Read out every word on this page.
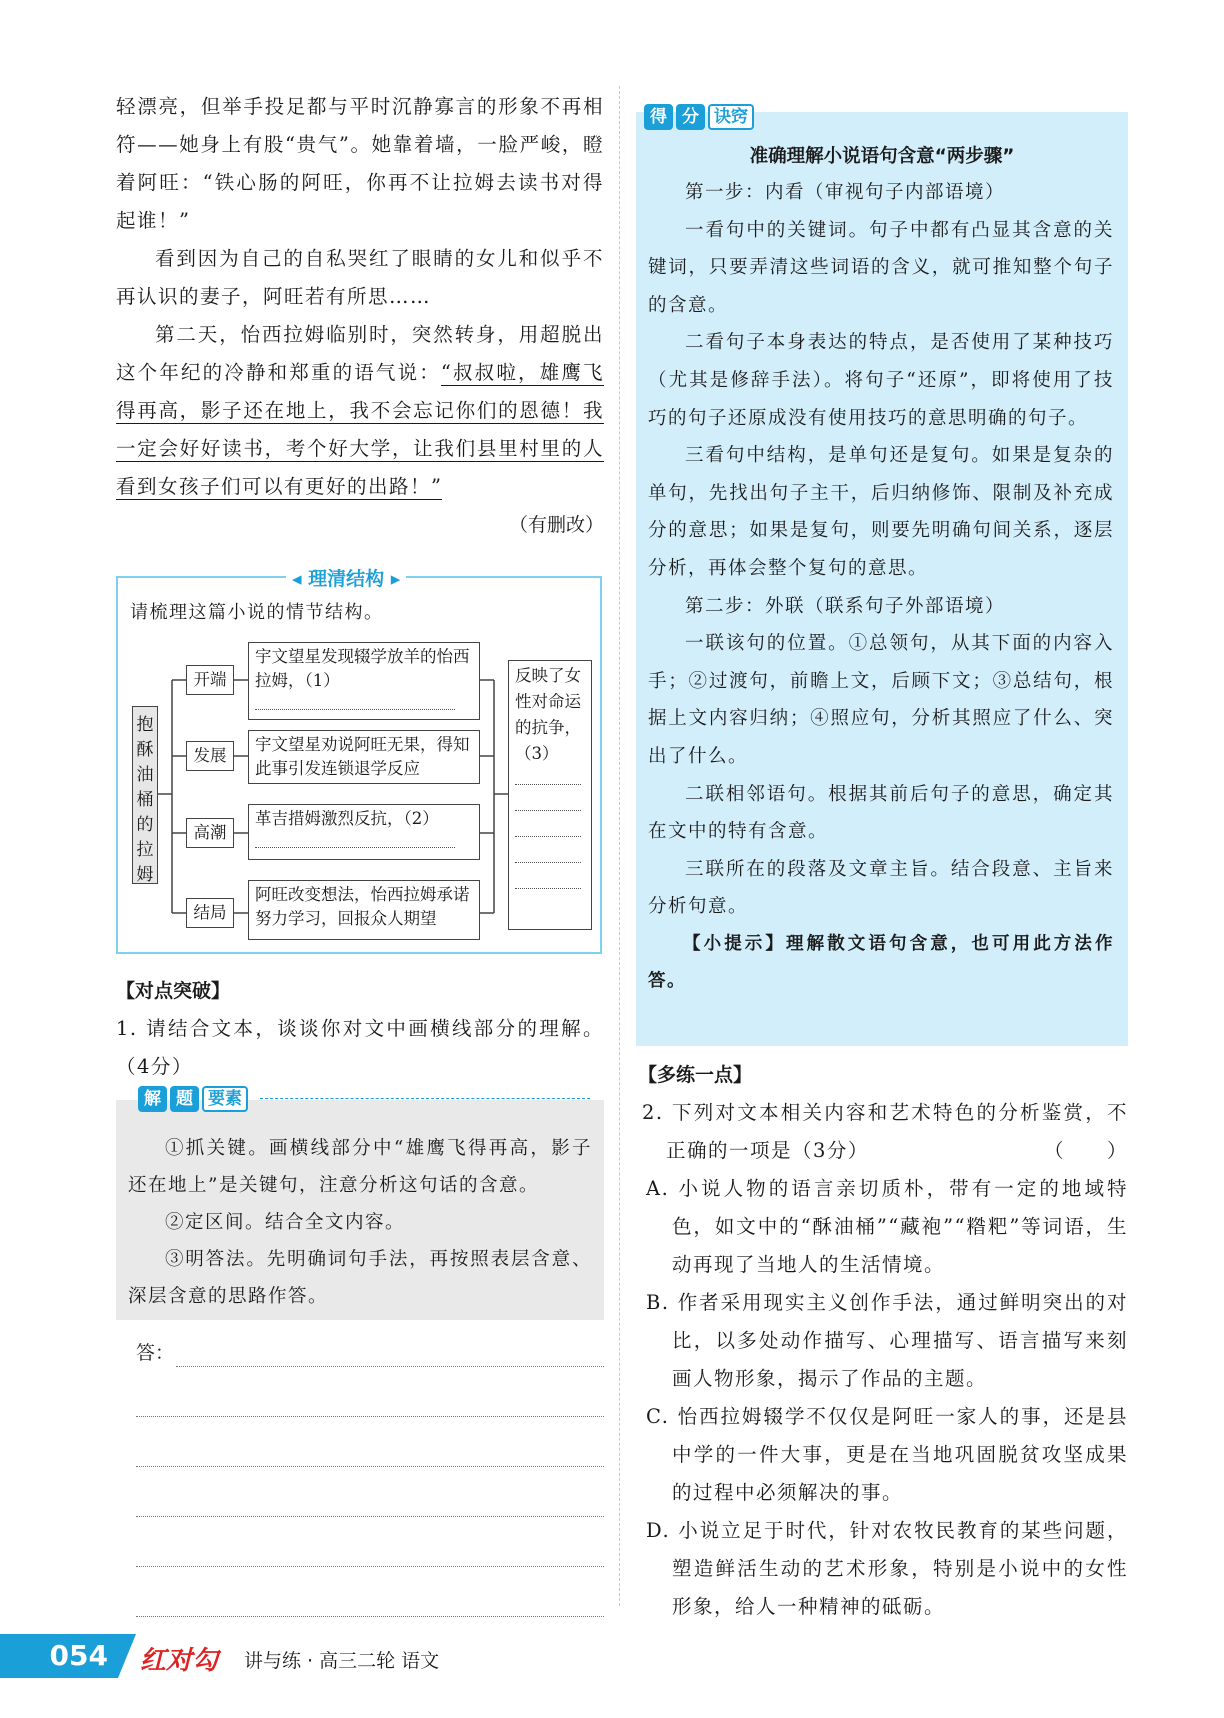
轻漂亮，但举手投足都与平时沉静寡言的形象不再相符——她身上有股“贵气”。她靠着墙，一脸严峻，瞪着阿旺：“铁心肠的阿旺，你再不让拉姆去读书对得起谁！”

看到因为自己的自私哭红了眼睛的女儿和似乎不再认识的妻子，阿旺若有所思……

第二天，怡西拉姆临别时，突然转身，用超脱出这个年纪的冷静和郑重的语气说：“叔叔啦，雄鹰飞得再高，影子还在地上，我不会忘记你们的恩德！我一定会好好读书，考个好大学，让我们县里村里的人看到女孩子们可以有更好的出路！”

（有删改）

◂ 理清结构 ▸
请梳理这篇小说的情节结构。
抱酥油桶的拉姆
开端
宇文望星发现辍学放羊的怡西拉姆，（1）

发展
宇文望星劝说阿旺无果，得知此事引发连锁退学反应
高潮
革吉措姆激烈反抗，（2）

结局
阿旺改变想法，怡西拉姆承诺努力学习，回报众人期望
反映了女性对命运的抗争，（3）

【对点突破】

1. 请结合文本，谈谈你对文中画横线部分的理解。（4分）

解 题 要素

①抓关键。画横线部分中“雄鹰飞得再高，影子还在地上”是关键句，注意分析这句话的含意。

②定区间。结合全文内容。

③明答法。先明确词句手法，再按照表层含意、深层含意的思路作答。

答：
准确理解小说语句含意“两步骤”

第一步：内看（审视句子内部语境）

一看句中的关键词。句子中都有凸显其含意的关键词，只要弄清这些词语的含义，就可推知整个句子的含意。

二看句子本身表达的特点，是否使用了某种技巧（尤其是修辞手法）。将句子“还原”，即将使用了技巧的句子还原成没有使用技巧的意思明确的句子。

三看句中结构，是单句还是复句。如果是复杂的单句，先找出句子主干，后归纳修饰、限制及补充成分的意思；如果是复句，则要先明确句间关系，逐层分析，再体会整个复句的意思。

第二步：外联（联系句子外部语境）

一联该句的位置。①总领句，从其下面的内容入手；②过渡句，前瞻上文，后顾下文；③总结句，根据上文内容归纳；④照应句，分析其照应了什么、突出了什么。

二联相邻语句。根据其前后句子的意思，确定其在文中的特有含意。

三联所在的段落及文章主旨。结合段意、主旨来分析句意。

【小提示】理解散文语句含意，也可用此方法作答。

得 分 诀窍
【多练一点】

2. 下列对文本相关内容和艺术特色的分析鉴赏，不正确的一项是（3分）	（　　）

A. 小说人物的语言亲切质朴，带有一定的地域特色，如文中的“酥油桶”“藏袍”“糌粑”等词语，生动再现了当地人的生活情境。

B. 作者采用现实主义创作手法，通过鲜明突出的对比，以多处动作描写、心理描写、语言描写来刻画人物形象，揭示了作品的主题。

C. 怡西拉姆辍学不仅仅是阿旺一家人的事，还是县中学的一件大事，更是在当地巩固脱贫攻坚成果的过程中必须解决的事。

D. 小说立足于时代，针对农牧民教育的某些问题，塑造鲜活生动的艺术形象，特别是小说中的女性形象，给人一种精神的砥砺。

054	红对勾 讲与练 · 高三二轮 语文
